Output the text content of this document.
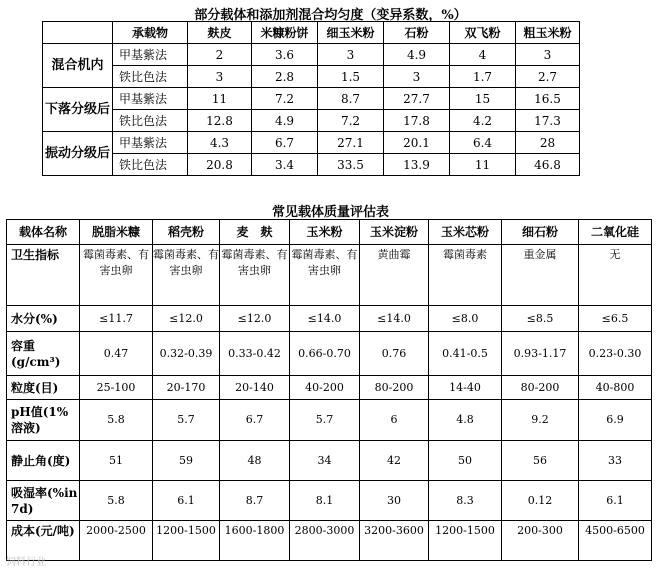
部分载体和添加剂混合均匀度（变异系数，%）
	承载物	麸皮	米糠粉饼	细玉米粉	石粉	双飞粉	粗玉米粉
混合机内	甲基紫法	2	3.6	3	4.9	4	3
	铁比色法	3	2.8	1.5	3	1.7	2.7
下落分级后	甲基紫法	11	7.2	8.7	27.7	15	16.5
	铁比色法	12.8	4.9	7.2	17.8	4.2	17.3
振动分级后	甲基紫法	4.3	6.7	27.1	20.1	6.4	28
	铁比色法	20.8	3.4	33.5	13.9	11	46.8
常见载体质量评估表
载体名称	脱脂米糠	稻壳粉	麦　麸	玉米粉	玉米淀粉	玉米芯粉	细石粉	二氧化硅
卫生指标	霉菌毒素、有害虫卵	霉菌毒素、有害虫卵	霉菌毒素、有害虫卵	霉菌毒素、有害虫卵	黄曲霉	霉菌毒素	重金属	无
水分(%)	≤11.7	≤12.0	≤12.0	≤14.0	≤14.0	≤8.0	≤8.5	≤6.5
容重(g/cm³)	0.47	0.32-0.39	0.33-0.42	0.66-0.70	0.76	0.41-0.5	0.93-1.17	0.23-0.30
粒度(目)	25-100	20-170	20-140	40-200	80-200	14-40	80-200	40-800
pH值(1%溶液)	5.8	5.7	6.7	5.7	6	4.8	9.2	6.9
静止角(度)	51	59	48	34	42	50	56	33
吸湿率(%in 7d)	5.8	6.1	8.7	8.1	30	8.3	0.12	6.1
成本(元/吨)	2000-2500	1200-1500	1600-1800	2800-3000	3200-3600	1200-1500	200-300	4500-6500
饲料行业
